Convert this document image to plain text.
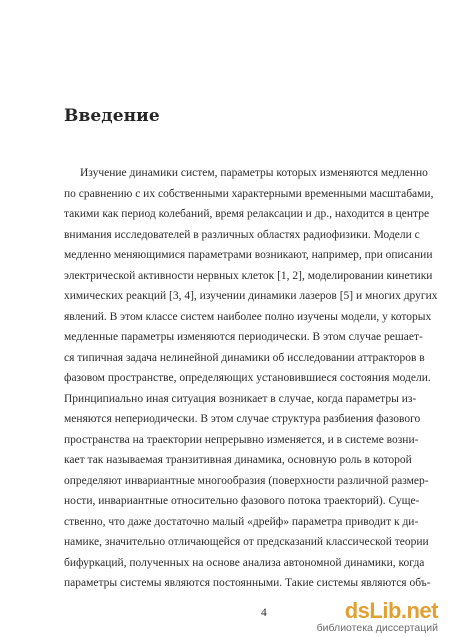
Введение
Изучение динамики систем, параметры которых изменяются медленно
по сравнению с их собственными характерными временными масштабами,
такими как период колебаний, время релаксации и др., находится в центре
внимания исследователей в различных областях радиофизики. Модели с
медленно меняющимися параметрами возникают, например, при описании
электрической активности нервных клеток [1, 2], моделировании кинетики
химических реакций [3, 4], изучении динамики лазеров [5] и многих других
явлений. В этом классе систем наиболее полно изучены модели, у которых
медленные параметры изменяются периодически. В этом случае решает-
ся типичная задача нелинейной динамики об исследовании аттракторов в
фазовом пространстве, определяющих установившиеся состояния модели.
Принципиально иная ситуация возникает в случае, когда параметры из-
меняются непериодически. В этом случае структура разбиения фазового
пространства на траектории непрерывно изменяется, и в системе возни-
кает так называемая транзитивная динамика, основную роль в которой
определяют инвариантные многообразия (поверхности различной размер-
ности, инвариантные относительно фазового потока траекторий). Суще-
ственно, что даже достаточно малый «дрейф» параметра приводит к ди-
намике, значительно отличающейся от предсказаний классической теории
бифуркаций, полученных на основе анализа автономной динамики, когда
параметры системы являются постоянными. Такие системы являются объ-
4	dsLib.net
библиотека диссертаций
